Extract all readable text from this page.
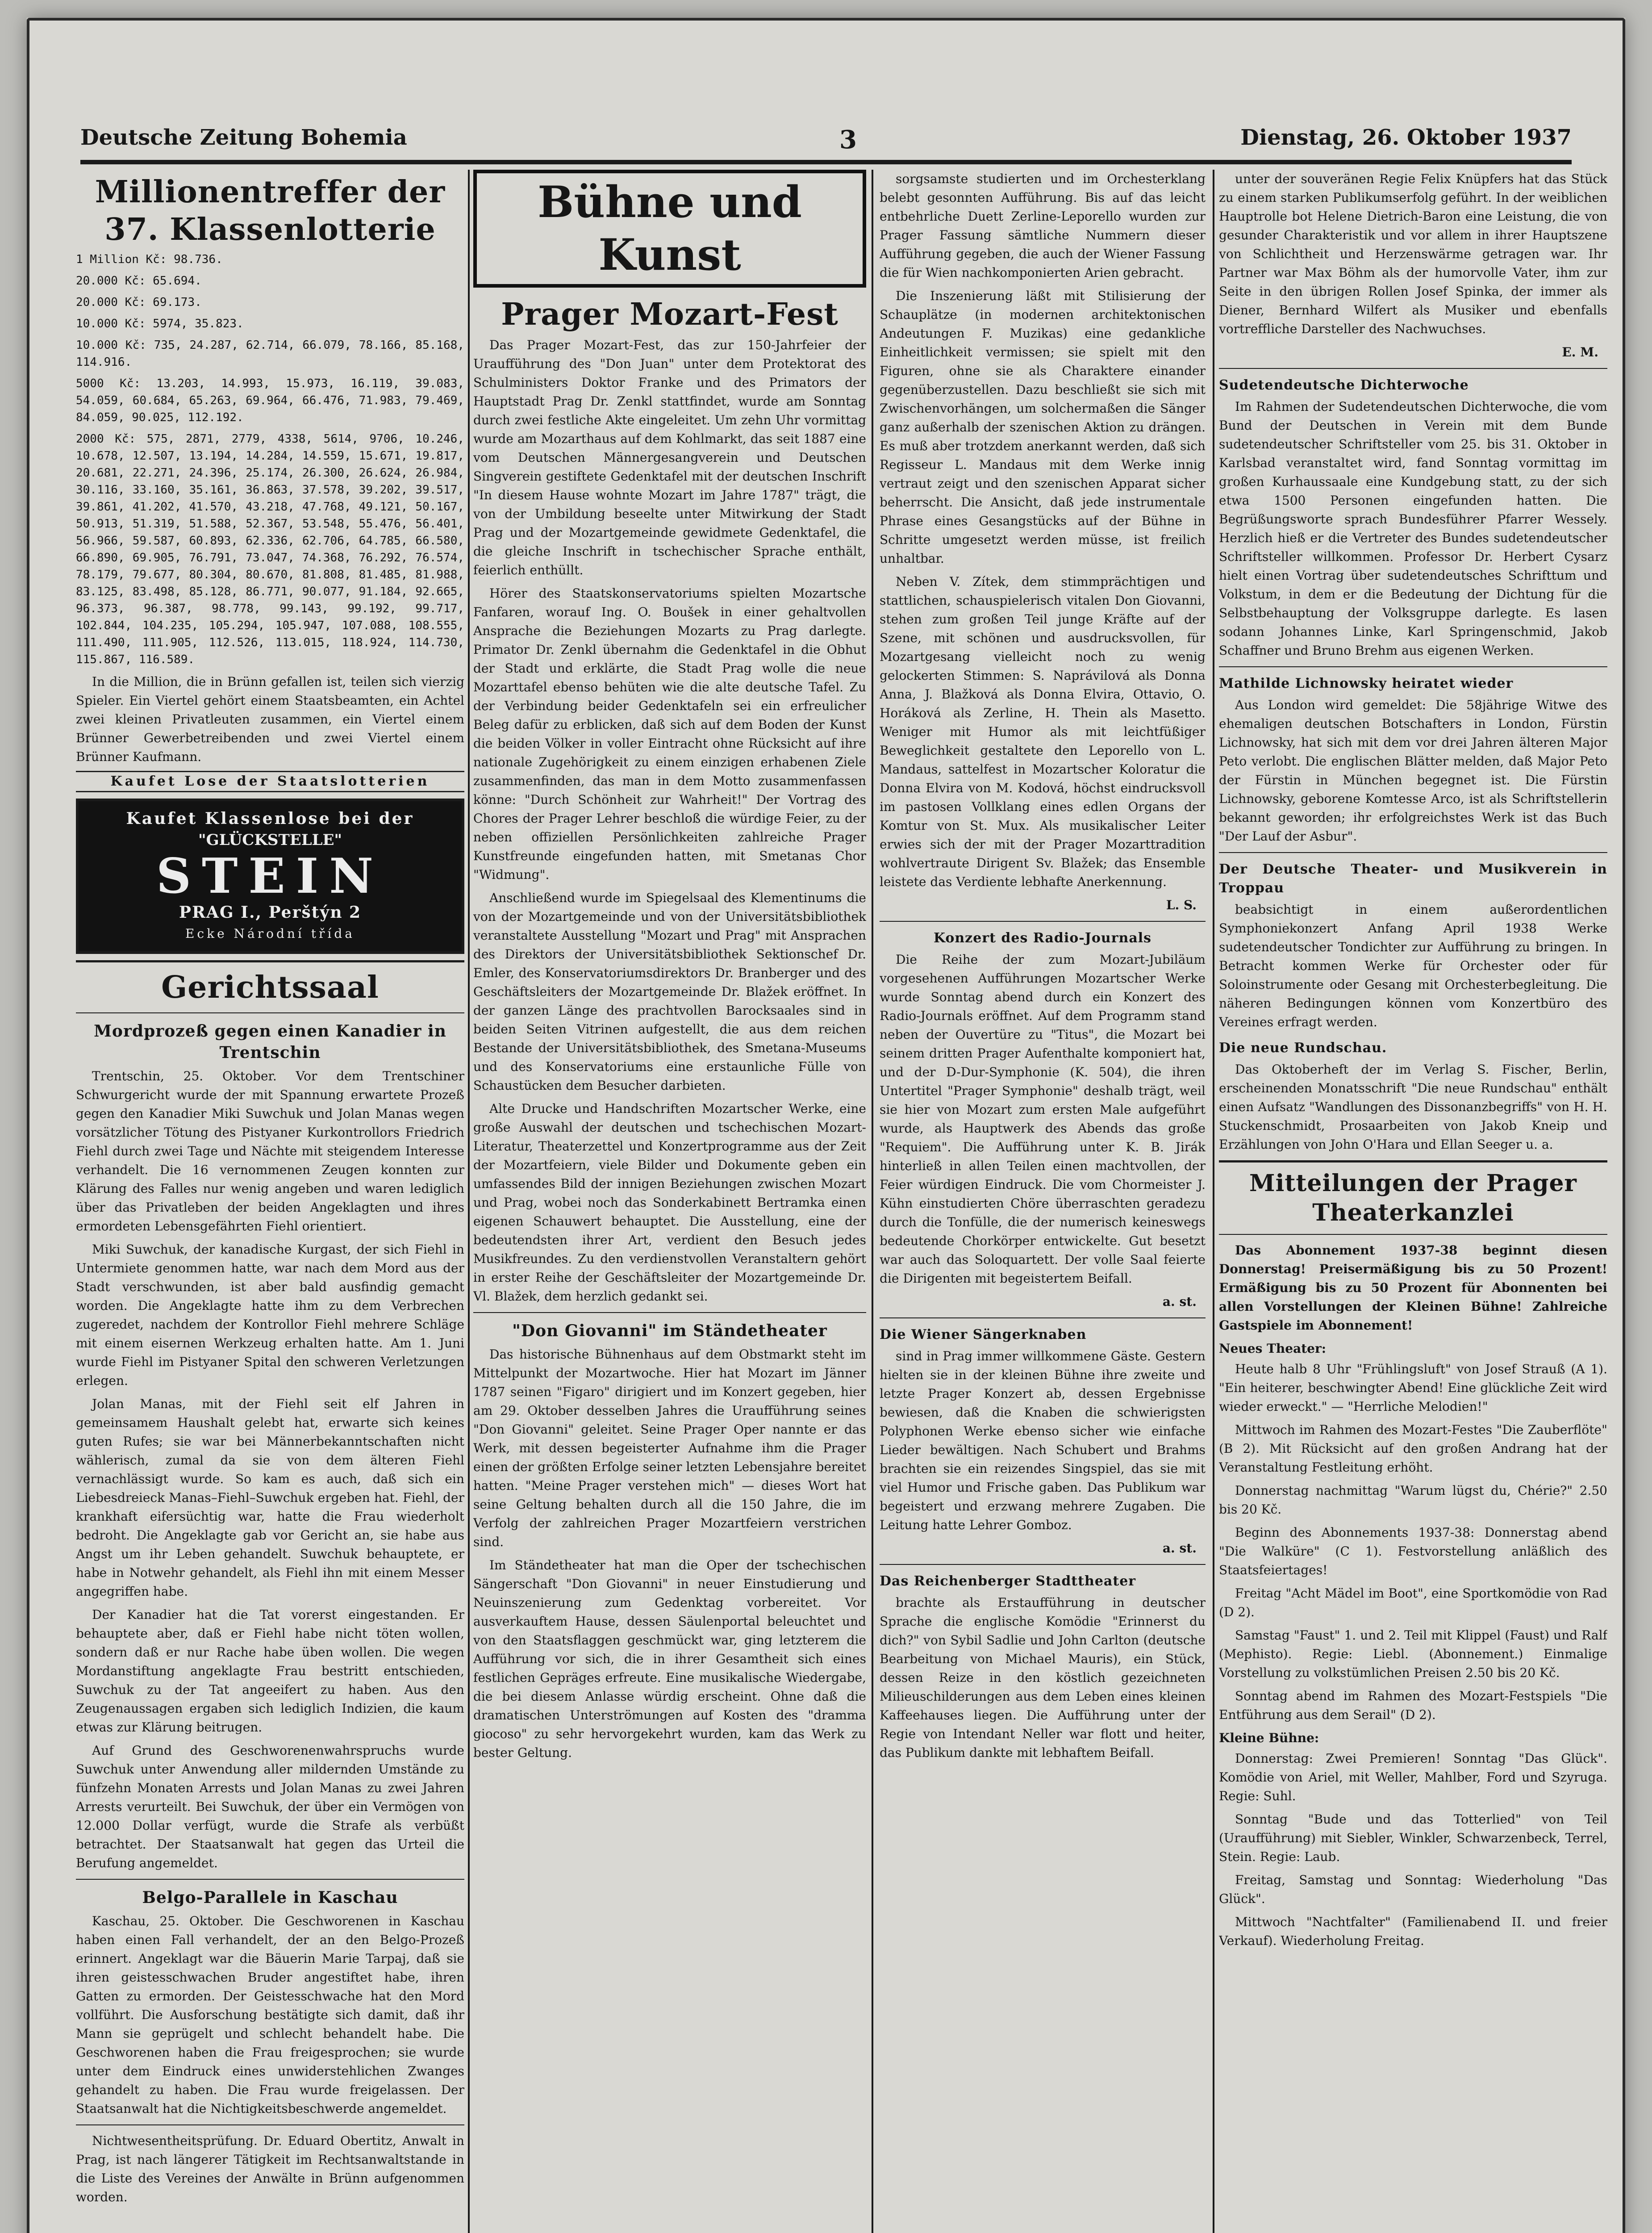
Deutsche Zeitung Bohemia	3	Dienstag, 26. Oktober 1937
Millionentreffer der 37. Klassenlotterie

1 Million Kč: 98.736.

20.000 Kč: 65.694.

20.000 Kč: 69.173.

10.000 Kč: 5974, 35.823.

10.000 Kč: 735, 24.287, 62.714, 66.079, 78.166, 85.168, 114.916.

5000 Kč: 13.203, 14.993, 15.973, 16.119, 39.083, 54.059, 60.684, 65.263, 69.964, 66.476, 71.983, 79.469, 84.059, 90.025, 112.192.

2000 Kč: 575, 2871, 2779, 4338, 5614, 9706, 10.246, 10.678, 12.507, 13.194, 14.284, 14.559, 15.671, 19.817, 20.681, 22.271, 24.396, 25.174, 26.300, 26.624, 26.984, 30.116, 33.160, 35.161, 36.863, 37.578, 39.202, 39.517, 39.861, 41.202, 41.570, 43.218, 47.768, 49.121, 50.167, 50.913, 51.319, 51.588, 52.367, 53.548, 55.476, 56.401, 56.966, 59.587, 60.893, 62.336, 62.706, 64.785, 66.580, 66.890, 69.905, 76.791, 73.047, 74.368, 76.292, 76.574, 78.179, 79.677, 80.304, 80.670, 81.808, 81.485, 81.988, 83.125, 83.498, 85.128, 86.771, 90.077, 91.184, 92.665, 96.373, 96.387, 98.778, 99.143, 99.192, 99.717, 102.844, 104.235, 105.294, 105.947, 107.088, 108.555, 111.490, 111.905, 112.526, 113.015, 118.924, 114.730, 115.867, 116.589.

In die Million, die in Brünn gefallen ist, teilen sich vierzig Spieler. Ein Viertel gehört einem Staatsbeamten, ein Achtel zwei kleinen Privatleuten zusammen, ein Viertel einem Brünner Gewerbetreibenden und zwei Viertel einem Brünner Kaufmann.

Kaufet Lose der Staatslotterien
Kaufet Klassenlose bei der
"GLÜCKSTELLE"
STEIN
PRAG I., Perštýn 2
Ecke Národní třída
Gerichtssaal
Mordprozeß gegen einen Kanadier in Trentschin

Trentschin, 25. Oktober. Vor dem Trentschiner Schwurgericht wurde der mit Spannung erwartete Prozeß gegen den Kanadier Miki Suwchuk und Jolan Manas wegen vorsätzlicher Tötung des Pistyaner Kurkontrollors Friedrich Fiehl durch zwei Tage und Nächte mit steigendem Interesse verhandelt. Die 16 vernommenen Zeugen konnten zur Klärung des Falles nur wenig angeben und waren lediglich über das Privatleben der beiden Angeklagten und ihres ermordeten Lebensgefährten Fiehl orientiert.

Miki Suwchuk, der kanadische Kurgast, der sich Fiehl in Untermiete genommen hatte, war nach dem Mord aus der Stadt verschwunden, ist aber bald ausfindig gemacht worden. Die Angeklagte hatte ihm zu dem Verbrechen zugeredet, nachdem der Kontrollor Fiehl mehrere Schläge mit einem eisernen Werkzeug erhalten hatte. Am 1. Juni wurde Fiehl im Pistyaner Spital den schweren Verletzungen erlegen.

Jolan Manas, mit der Fiehl seit elf Jahren in gemeinsamem Haushalt gelebt hat, erwarte sich keines guten Rufes; sie war bei Männerbekanntschaften nicht wählerisch, zumal da sie von dem älteren Fiehl vernachlässigt wurde. So kam es auch, daß sich ein Liebesdreieck Manas–Fiehl–Suwchuk ergeben hat. Fiehl, der krankhaft eifersüchtig war, hatte die Frau wiederholt bedroht. Die Angeklagte gab vor Gericht an, sie habe aus Angst um ihr Leben gehandelt. Suwchuk behauptete, er habe in Notwehr gehandelt, als Fiehl ihn mit einem Messer angegriffen habe.

Der Kanadier hat die Tat vorerst eingestanden. Er behauptete aber, daß er Fiehl habe nicht töten wollen, sondern daß er nur Rache habe üben wollen. Die wegen Mordanstiftung angeklagte Frau bestritt entschieden, Suwchuk zu der Tat angeeifert zu haben. Aus den Zeugenaussagen ergaben sich lediglich Indizien, die kaum etwas zur Klärung beitrugen.

Auf Grund des Geschworenenwahrspruchs wurde Suwchuk unter Anwendung aller mildernden Umstände zu fünfzehn Monaten Arrests und Jolan Manas zu zwei Jahren Arrests verurteilt. Bei Suwchuk, der über ein Vermögen von 12.000 Dollar verfügt, wurde die Strafe als verbüßt betrachtet. Der Staatsanwalt hat gegen das Urteil die Berufung angemeldet.

Belgo-Parallele in Kaschau

Kaschau, 25. Oktober. Die Geschworenen in Kaschau haben einen Fall verhandelt, der an den Belgo-Prozeß erinnert. Angeklagt war die Bäuerin Marie Tarpaj, daß sie ihren geistesschwachen Bruder angestiftet habe, ihren Gatten zu ermorden. Der Geistesschwache hat den Mord vollführt. Die Ausforschung bestätigte sich damit, daß ihr Mann sie geprügelt und schlecht behandelt habe. Die Geschworenen haben die Frau freigesprochen; sie wurde unter dem Eindruck eines unwiderstehlichen Zwanges gehandelt zu haben. Die Frau wurde freigelassen. Der Staatsanwalt hat die Nichtigkeitsbeschwerde angemeldet.

Nichtwesentheitsprüfung. Dr. Eduard Obertitz, Anwalt in Prag, ist nach längerer Tätigkeit im Rechtsanwaltstande in die Liste des Vereines der Anwälte in Brünn aufgenommen worden.

Bühne und Kunst
Prager Mozart-Fest

Das Prager Mozart-Fest, das zur 150-Jahrfeier der Uraufführung des "Don Juan" unter dem Protektorat des Schulministers Doktor Franke und des Primators der Hauptstadt Prag Dr. Zenkl stattfindet, wurde am Sonntag durch zwei festliche Akte eingeleitet. Um zehn Uhr vormittag wurde am Mozarthaus auf dem Kohlmarkt, das seit 1887 eine vom Deutschen Männergesangverein und Deutschen Singverein gestiftete Gedenktafel mit der deutschen Inschrift "In diesem Hause wohnte Mozart im Jahre 1787" trägt, die von der Umbildung beseelte unter Mitwirkung der Stadt Prag und der Mozartgemeinde gewidmete Gedenktafel, die die gleiche Inschrift in tschechischer Sprache enthält, feierlich enthüllt.

Hörer des Staatskonservatoriums spielten Mozartsche Fanfaren, worauf Ing. O. Boušek in einer gehaltvollen Ansprache die Beziehungen Mozarts zu Prag darlegte. Primator Dr. Zenkl übernahm die Gedenktafel in die Obhut der Stadt und erklärte, die Stadt Prag wolle die neue Mozarttafel ebenso behüten wie die alte deutsche Tafel. Zu der Verbindung beider Gedenktafeln sei ein erfreulicher Beleg dafür zu erblicken, daß sich auf dem Boden der Kunst die beiden Völker in voller Eintracht ohne Rücksicht auf ihre nationale Zugehörigkeit zu einem einzigen erhabenen Ziele zusammenfinden, das man in dem Motto zusammenfassen könne: "Durch Schönheit zur Wahrheit!" Der Vortrag des Chores der Prager Lehrer beschloß die würdige Feier, zu der neben offiziellen Persönlichkeiten zahlreiche Prager Kunstfreunde eingefunden hatten, mit Smetanas Chor "Widmung".

Anschließend wurde im Spiegelsaal des Klementinums die von der Mozartgemeinde und von der Universitätsbibliothek veranstaltete Ausstellung "Mozart und Prag" mit Ansprachen des Direktors der Universitätsbibliothek Sektionschef Dr. Emler, des Konservatoriumsdirektors Dr. Branberger und des Geschäftsleiters der Mozartgemeinde Dr. Blažek eröffnet. In der ganzen Länge des prachtvollen Barocksaales sind in beiden Seiten Vitrinen aufgestellt, die aus dem reichen Bestande der Universitätsbibliothek, des Smetana-Museums und des Konservatoriums eine erstaunliche Fülle von Schaustücken dem Besucher darbieten.

Alte Drucke und Handschriften Mozartscher Werke, eine große Auswahl der deutschen und tschechischen Mozart-Literatur, Theaterzettel und Konzertprogramme aus der Zeit der Mozartfeiern, viele Bilder und Dokumente geben ein umfassendes Bild der innigen Beziehungen zwischen Mozart und Prag, wobei noch das Sonderkabinett Bertramka einen eigenen Schauwert behauptet. Die Ausstellung, eine der bedeutendsten ihrer Art, verdient den Besuch jedes Musikfreundes. Zu den verdienstvollen Veranstaltern gehört in erster Reihe der Geschäftsleiter der Mozartgemeinde Dr. Vl. Blažek, dem herzlich gedankt sei.

"Don Giovanni" im Ständetheater

Das historische Bühnenhaus auf dem Obstmarkt steht im Mittelpunkt der Mozartwoche. Hier hat Mozart im Jänner 1787 seinen "Figaro" dirigiert und im Konzert gegeben, hier am 29. Oktober desselben Jahres die Uraufführung seines "Don Giovanni" geleitet. Seine Prager Oper nannte er das Werk, mit dessen begeisterter Aufnahme ihm die Prager einen der größten Erfolge seiner letzten Lebensjahre bereitet hatten. "Meine Prager verstehen mich" — dieses Wort hat seine Geltung behalten durch all die 150 Jahre, die im Verfolg der zahlreichen Prager Mozartfeiern verstrichen sind.

Im Ständetheater hat man die Oper der tschechischen Sängerschaft "Don Giovanni" in neuer Einstudierung und Neuinszenierung zum Gedenktag vorbereitet. Vor ausverkauftem Hause, dessen Säulenportal beleuchtet und von den Staatsflaggen geschmückt war, ging letzterem die Aufführung vor sich, die in ihrer Gesamtheit sich eines festlichen Gepräges erfreute. Eine musikalische Wiedergabe, die bei diesem Anlasse würdig erscheint. Ohne daß die dramatischen Unterströmungen auf Kosten des "dramma giocoso" zu sehr hervorgekehrt wurden, kam das Werk zu bester Geltung.

sorgsamste studierten und im Orchesterklang belebt gesonnten Aufführung. Bis auf das leicht entbehrliche Duett Zerline-Leporello wurden zur Prager Fassung sämtliche Nummern dieser Aufführung gegeben, die auch der Wiener Fassung die für Wien nachkomponierten Arien gebracht.

Die Inszenierung läßt mit Stilisierung der Schauplätze (in modernen architektonischen Andeutungen F. Muzikas) eine gedankliche Einheitlichkeit vermissen; sie spielt mit den Figuren, ohne sie als Charaktere einander gegenüberzustellen. Dazu beschließt sie sich mit Zwischenvorhängen, um solchermaßen die Sänger ganz außerhalb der szenischen Aktion zu drängen. Es muß aber trotzdem anerkannt werden, daß sich Regisseur L. Mandaus mit dem Werke innig vertraut zeigt und den szenischen Apparat sicher beherrscht. Die Ansicht, daß jede instrumentale Phrase eines Gesangstücks auf der Bühne in Schritte umgesetzt werden müsse, ist freilich unhaltbar.

Neben V. Zítek, dem stimmprächtigen und stattlichen, schauspielerisch vitalen Don Giovanni, stehen zum großen Teil junge Kräfte auf der Szene, mit schönen und ausdrucksvollen, für Mozartgesang vielleicht noch zu wenig gelockerten Stimmen: S. Naprávilová als Donna Anna, J. Blažková als Donna Elvira, Ottavio, O. Horáková als Zerline, H. Thein als Masetto. Weniger mit Humor als mit leichtfüßiger Beweglichkeit gestaltete den Leporello von L. Mandaus, sattelfest in Mozartscher Koloratur die Donna Elvira von M. Kodová, höchst eindrucksvoll im pastosen Vollklang eines edlen Organs der Komtur von St. Mux. Als musikalischer Leiter erwies sich der mit der Prager Mozarttradition wohlvertraute Dirigent Sv. Blažek; das Ensemble leistete das Verdiente lebhafte Anerkennung.

L. S.
Konzert des Radio-Journals

Die Reihe der zum Mozart-Jubiläum vorgesehenen Aufführungen Mozartscher Werke wurde Sonntag abend durch ein Konzert des Radio-Journals eröffnet. Auf dem Programm stand neben der Ouvertüre zu "Titus", die Mozart bei seinem dritten Prager Aufenthalte komponiert hat, und der D-Dur-Symphonie (K. 504), die ihren Untertitel "Prager Symphonie" deshalb trägt, weil sie hier von Mozart zum ersten Male aufgeführt wurde, als Hauptwerk des Abends das große "Requiem". Die Aufführung unter K. B. Jirák hinterließ in allen Teilen einen machtvollen, der Feier würdigen Eindruck. Die vom Chormeister J. Kühn einstudierten Chöre überraschten geradezu durch die Tonfülle, die der numerisch keineswegs bedeutende Chorkörper entwickelte. Gut besetzt war auch das Soloquartett. Der volle Saal feierte die Dirigenten mit begeistertem Beifall.

a. st.
Die Wiener Sängerknaben

sind in Prag immer willkommene Gäste. Gestern hielten sie in der kleinen Bühne ihre zweite und letzte Prager Konzert ab, dessen Ergebnisse bewiesen, daß die Knaben die schwierigsten Polyphonen Werke ebenso sicher wie einfache Lieder bewältigen. Nach Schubert und Brahms brachten sie ein reizendes Singspiel, das sie mit viel Humor und Frische gaben. Das Publikum war begeistert und erzwang mehrere Zugaben. Die Leitung hatte Lehrer Gomboz.

a. st.
Das Reichenberger Stadttheater

brachte als Erstaufführung in deutscher Sprache die englische Komödie "Erinnerst du dich?" von Sybil Sadlie und John Carlton (deutsche Bearbeitung von Michael Mauris), ein Stück, dessen Reize in den köstlich gezeichneten Milieuschilderungen aus dem Leben eines kleinen Kaffeehauses liegen. Die Aufführung unter der Regie von Intendant Neller war flott und heiter, das Publikum dankte mit lebhaftem Beifall.

unter der souveränen Regie Felix Knüpfers hat das Stück zu einem starken Publikumserfolg geführt. In der weiblichen Hauptrolle bot Helene Dietrich-Baron eine Leistung, die von gesunder Charakteristik und vor allem in ihrer Hauptszene von Schlichtheit und Herzenswärme getragen war. Ihr Partner war Max Böhm als der humorvolle Vater, ihm zur Seite in den übrigen Rollen Josef Spinka, der immer als Diener, Bernhard Wilfert als Musiker und ebenfalls vortreffliche Darsteller des Nachwuchses.

E. M.
Sudetendeutsche Dichterwoche

Im Rahmen der Sudetendeutschen Dichterwoche, die vom Bund der Deutschen in Verein mit dem Bunde sudetendeutscher Schriftsteller vom 25. bis 31. Oktober in Karlsbad veranstaltet wird, fand Sonntag vormittag im großen Kurhaussaale eine Kundgebung statt, zu der sich etwa 1500 Personen eingefunden hatten. Die Begrüßungsworte sprach Bundesführer Pfarrer Wessely. Herzlich hieß er die Vertreter des Bundes sudetendeutscher Schriftsteller willkommen. Professor Dr. Herbert Cysarz hielt einen Vortrag über sudetendeutsches Schrifttum und Volkstum, in dem er die Bedeutung der Dichtung für die Selbstbehauptung der Volksgruppe darlegte. Es lasen sodann Johannes Linke, Karl Springenschmid, Jakob Schaffner und Bruno Brehm aus eigenen Werken.

Mathilde Lichnowsky heiratet wieder

Aus London wird gemeldet: Die 58jährige Witwe des ehemaligen deutschen Botschafters in London, Fürstin Lichnowsky, hat sich mit dem vor drei Jahren älteren Major Peto verlobt. Die englischen Blätter melden, daß Major Peto der Fürstin in München begegnet ist. Die Fürstin Lichnowsky, geborene Komtesse Arco, ist als Schriftstellerin bekannt geworden; ihr erfolgreichstes Werk ist das Buch "Der Lauf der Asbur".

Der Deutsche Theater- und Musikverein in Troppau

beabsichtigt in einem außerordentlichen Symphoniekonzert Anfang April 1938 Werke sudetendeutscher Tondichter zur Aufführung zu bringen. In Betracht kommen Werke für Orchester oder für Soloinstrumente oder Gesang mit Orchesterbegleitung. Die näheren Bedingungen können vom Konzertbüro des Vereines erfragt werden.

Die neue Rundschau.

Das Oktoberheft der im Verlag S. Fischer, Berlin, erscheinenden Monatsschrift "Die neue Rundschau" enthält einen Aufsatz "Wandlungen des Dissonanzbegriffs" von H. H. Stuckenschmidt, Prosaarbeiten von Jakob Kneip und Erzählungen von John O'Hara und Ellan Seeger u. a.

Mitteilungen der Prager Theaterkanzlei

Das Abonnement 1937-38 beginnt diesen Donnerstag! Preisermäßigung bis zu 50 Prozent! Ermäßigung bis zu 50 Prozent für Abonnenten bei allen Vorstellungen der Kleinen Bühne! Zahlreiche Gastspiele im Abonnement!

Neues Theater:

Heute halb 8 Uhr "Frühlingsluft" von Josef Strauß (A 1). "Ein heiterer, beschwingter Abend! Eine glückliche Zeit wird wieder erweckt." — "Herrliche Melodien!"

Mittwoch im Rahmen des Mozart-Festes "Die Zauberflöte" (B 2). Mit Rücksicht auf den großen Andrang hat der Veranstaltung Festleitung erhöht.

Donnerstag nachmittag "Warum lügst du, Chérie?" 2.50 bis 20 Kč.

Beginn des Abonnements 1937-38: Donnerstag abend "Die Walküre" (C 1). Festvorstellung anläßlich des Staatsfeiertages!

Freitag "Acht Mädel im Boot", eine Sportkomödie von Rad (D 2).

Samstag "Faust" 1. und 2. Teil mit Klippel (Faust) und Ralf (Mephisto). Regie: Liebl. (Abonnement.) Einmalige Vorstellung zu volkstümlichen Preisen 2.50 bis 20 Kč.

Sonntag abend im Rahmen des Mozart-Festspiels "Die Entführung aus dem Serail" (D 2).

Kleine Bühne:

Donnerstag: Zwei Premieren! Sonntag "Das Glück". Komödie von Ariel, mit Weller, Mahlber, Ford und Szyruga. Regie: Suhl.

Sonntag "Bude und das Totterlied" von Teil (Uraufführung) mit Siebler, Winkler, Schwarzenbeck, Terrel, Stein. Regie: Laub.

Freitag, Samstag und Sonntag: Wiederholung "Das Glück".

Mittwoch "Nachtfalter" (Familienabend II. und freier Verkauf). Wiederholung Freitag.
